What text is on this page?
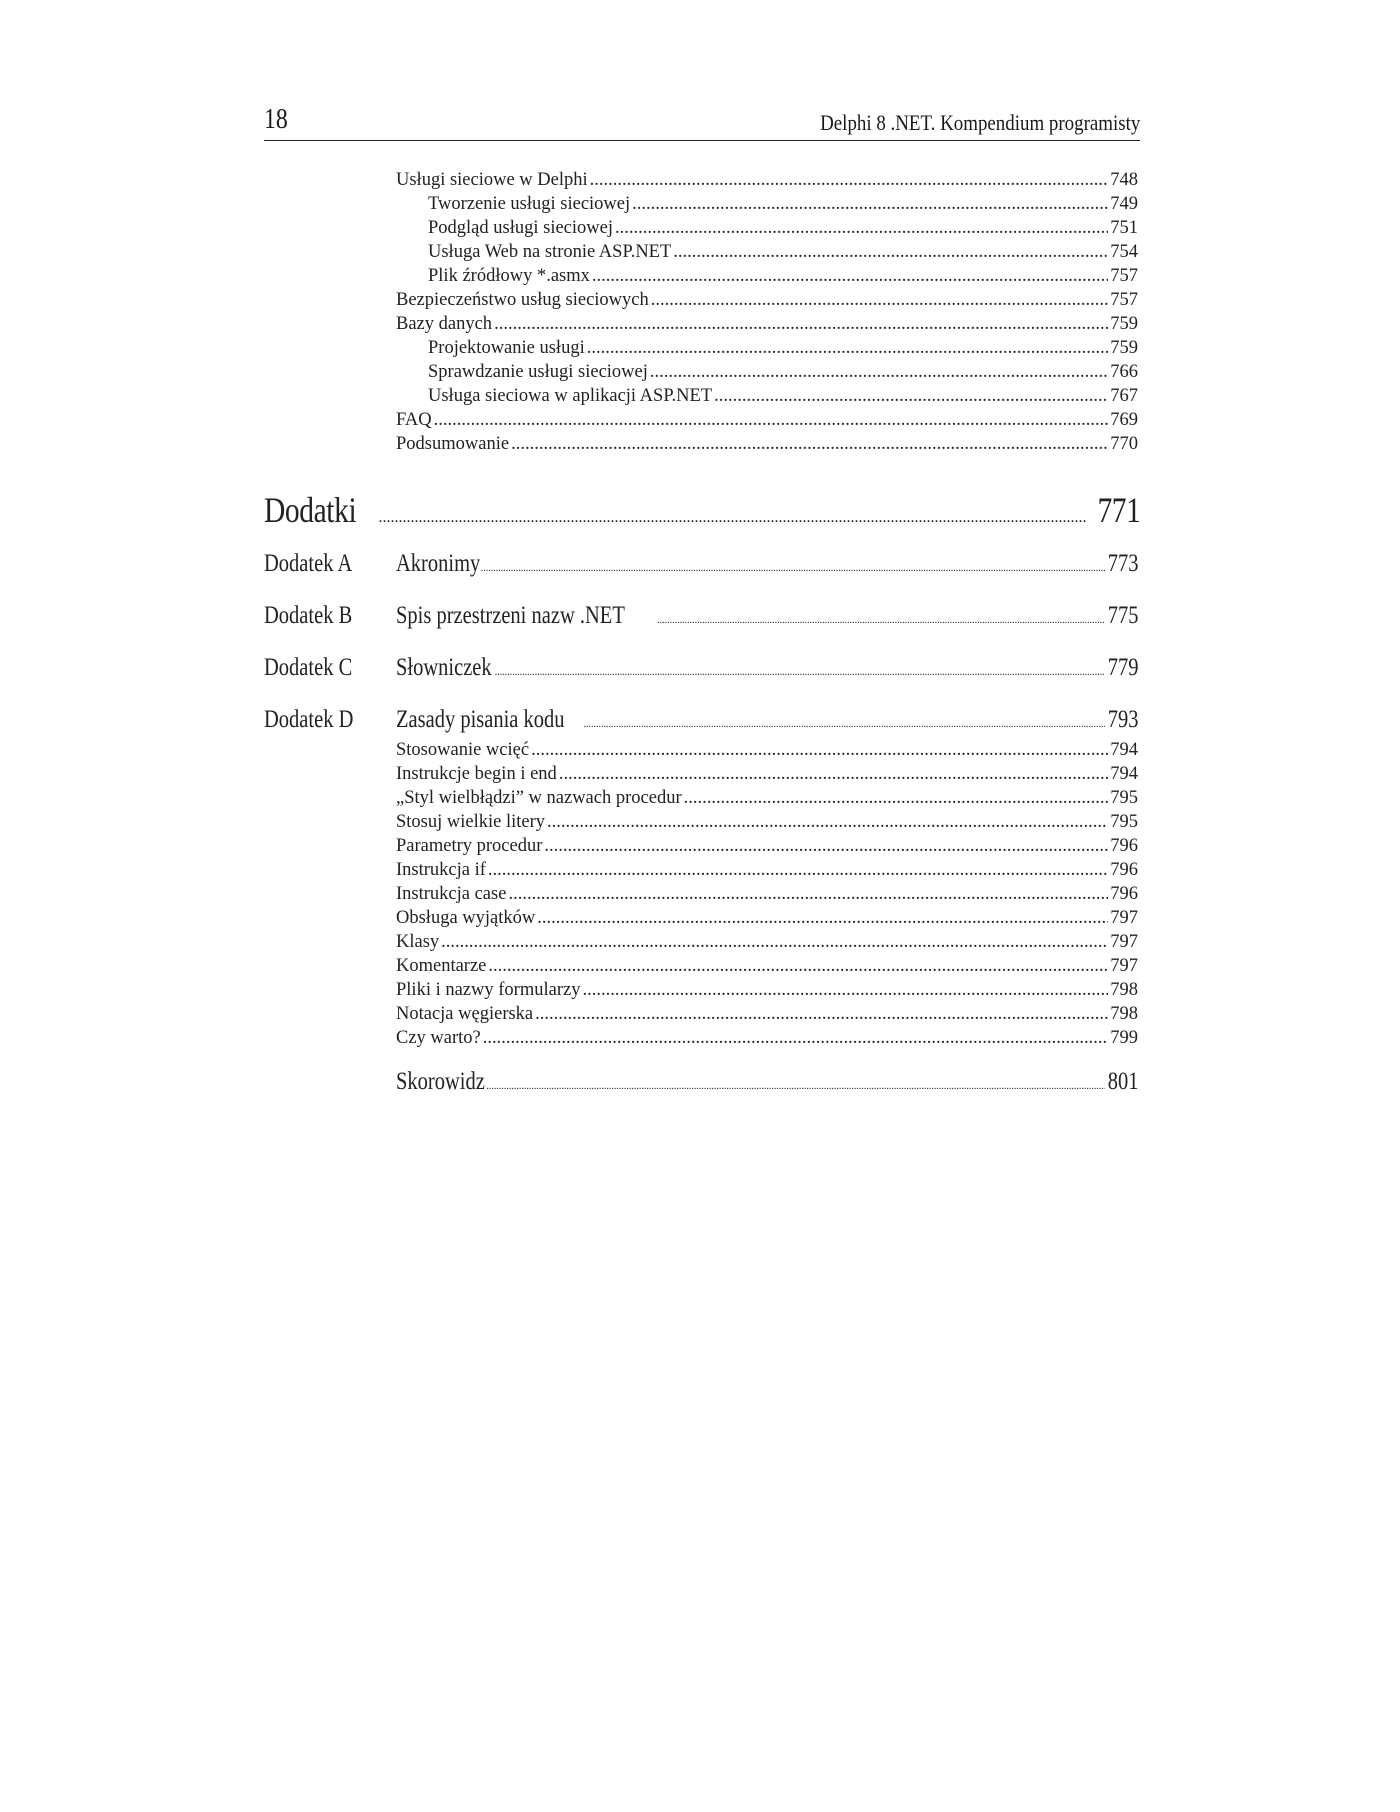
18	Delphi 8 .NET. Kompendium programisty
Usługi sieciowe w Delphi .....	748
Tworzenie usługi sieciowej .....	749
Podgląd usługi sieciowej .....	751
Usługa Web na stronie ASP.NET .....	754
Plik źródłowy *.asmx .....	757
Bezpieczeństwo usług sieciowych .....	757
Bazy danych .....	759
Projektowanie usługi .....	759
Sprawdzanie usługi sieciowej .....	766
Usługa sieciowa w aplikacji ASP.NET .....	767
FAQ .....	769
Podsumowanie .....	770
Dodatki .....	771
Dodatek A Akronimy .....	773
Dodatek B Spis przestrzeni nazw .NET .....	775
Dodatek C Słowniczek .....	779
Dodatek D Zasady pisania kodu .....	793
Stosowanie wcięć .....	794
Instrukcje begin i end .....	794
„Styl wielbłądzi” w nazwach procedur .....	795
Stosuj wielkie litery .....	795
Parametry procedur .....	796
Instrukcja if .....	796
Instrukcja case .....	796
Obsługa wyjątków .....	797
Klasy .....	797
Komentarze .....	797
Pliki i nazwy formularzy .....	798
Notacja węgierska .....	798
Czy warto? .....	799
Skorowidz .....	801
